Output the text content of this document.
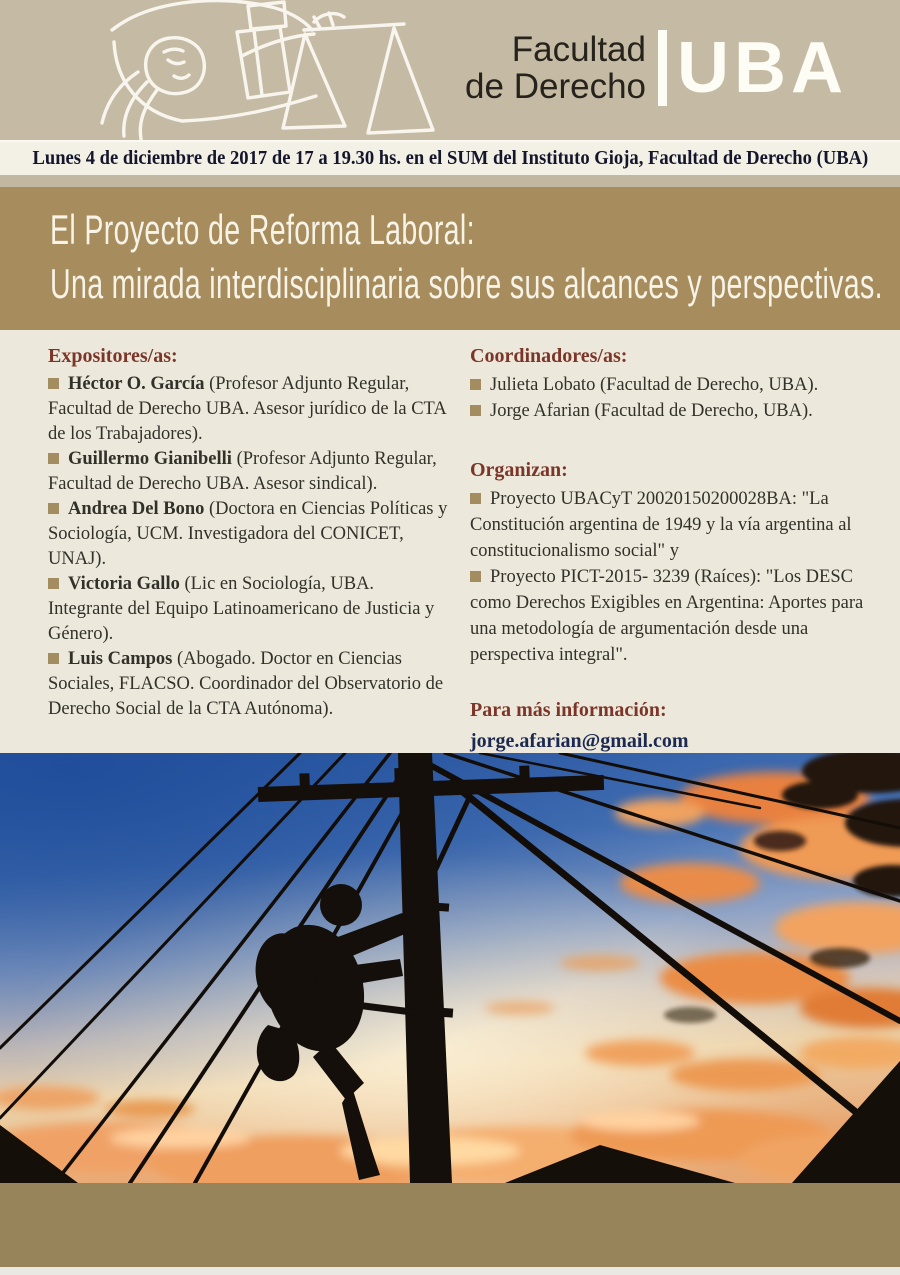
Facultad
de Derecho UBA
Lunes 4 de diciembre de 2017 de 17 a 19.30 hs. en el SUM del Instituto Gioja, Facultad de Derecho (UBA)
El Proyecto de Reforma Laboral:
Una mirada interdisciplinaria sobre sus alcances y perspectivas.
Expositores/as:

Héctor O. García (Profesor Adjunto Regular, Facultad de Derecho UBA. Asesor jurídico de la CTA de los Trabajadores).

Guillermo Gianibelli (Profesor Adjunto Regular, Facultad de Derecho UBA. Asesor sindical).

Andrea Del Bono (Doctora en Ciencias Políticas y Sociología, UCM. Investigadora del CONICET, UNAJ).

Victoria Gallo (Lic en Sociología, UBA. Integrante del Equipo Latinoamericano de Justicia y Género).

Luis Campos (Abogado. Doctor en Ciencias Sociales, FLACSO. Coordinador del Observatorio de Derecho Social de la CTA Autónoma).

Coordinadores/as:

Julieta Lobato (Facultad de Derecho, UBA).

Jorge Afarian (Facultad de Derecho, UBA).

Organizan:

Proyecto UBACyT 20020150200028BA: "La Constitución argentina de 1949 y la vía argentina al constitucionalismo social" y

Proyecto PICT-2015- 3239 (Raíces): "Los DESC como Derechos Exigibles en Argentina: Aportes para una metodología de argumentación desde una perspectiva integral".

Para más información:

jorge.afarian@gmail.com
